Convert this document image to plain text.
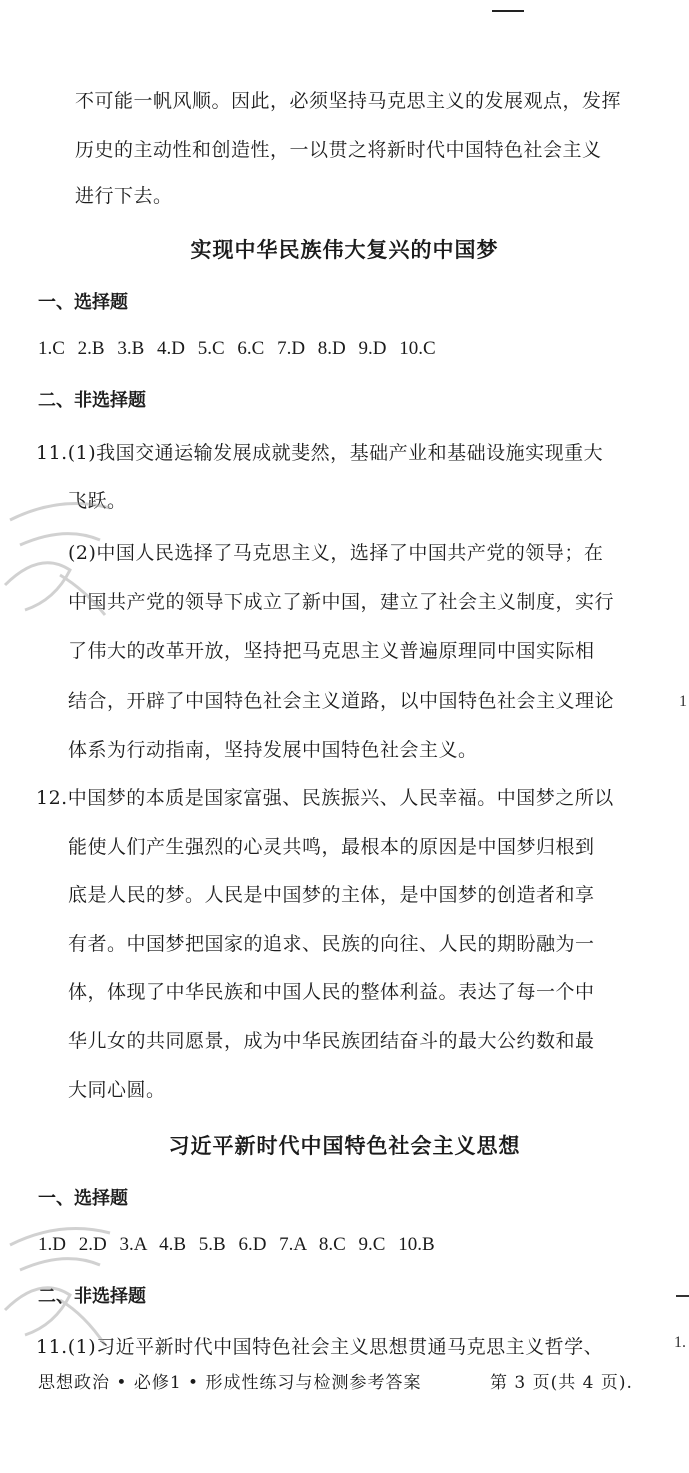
不可能一帆风顺。因此，必须坚持马克思主义的发展观点，发挥
历史的主动性和创造性，一以贯之将新时代中国特色社会主义
进行下去。
实现中华民族伟大复兴的中国梦
一、选择题
1.C 2.B 3.B 4.D 5.C 6.C 7.D 8.D 9.D 10.C
二、非选择题
11.(1)我国交通运输发展成就斐然，基础产业和基础设施实现重大
飞跃。
(2)中国人民选择了马克思主义，选择了中国共产党的领导；在
中国共产党的领导下成立了新中国，建立了社会主义制度，实行
了伟大的改革开放，坚持把马克思主义普遍原理同中国实际相
结合，开辟了中国特色社会主义道路，以中国特色社会主义理论
体系为行动指南，坚持发展中国特色社会主义。
12.中国梦的本质是国家富强、民族振兴、人民幸福。中国梦之所以
能使人们产生强烈的心灵共鸣，最根本的原因是中国梦归根到
底是人民的梦。人民是中国梦的主体，是中国梦的创造者和享
有者。中国梦把国家的追求、民族的向往、人民的期盼融为一
体，体现了中华民族和中国人民的整体利益。表达了每一个中
华儿女的共同愿景，成为中华民族团结奋斗的最大公约数和最
大同心圆。
习近平新时代中国特色社会主义思想
一、选择题
1.D 2.D 3.A 4.B 5.B 6.D 7.A 8.C 9.C 10.B
二、非选择题
11.(1)习近平新时代中国特色社会主义思想贯通马克思主义哲学、
思想政治 • 必修1 • 形成性练习与检测参考答案	第 3 页(共 4 页).
1
1.
